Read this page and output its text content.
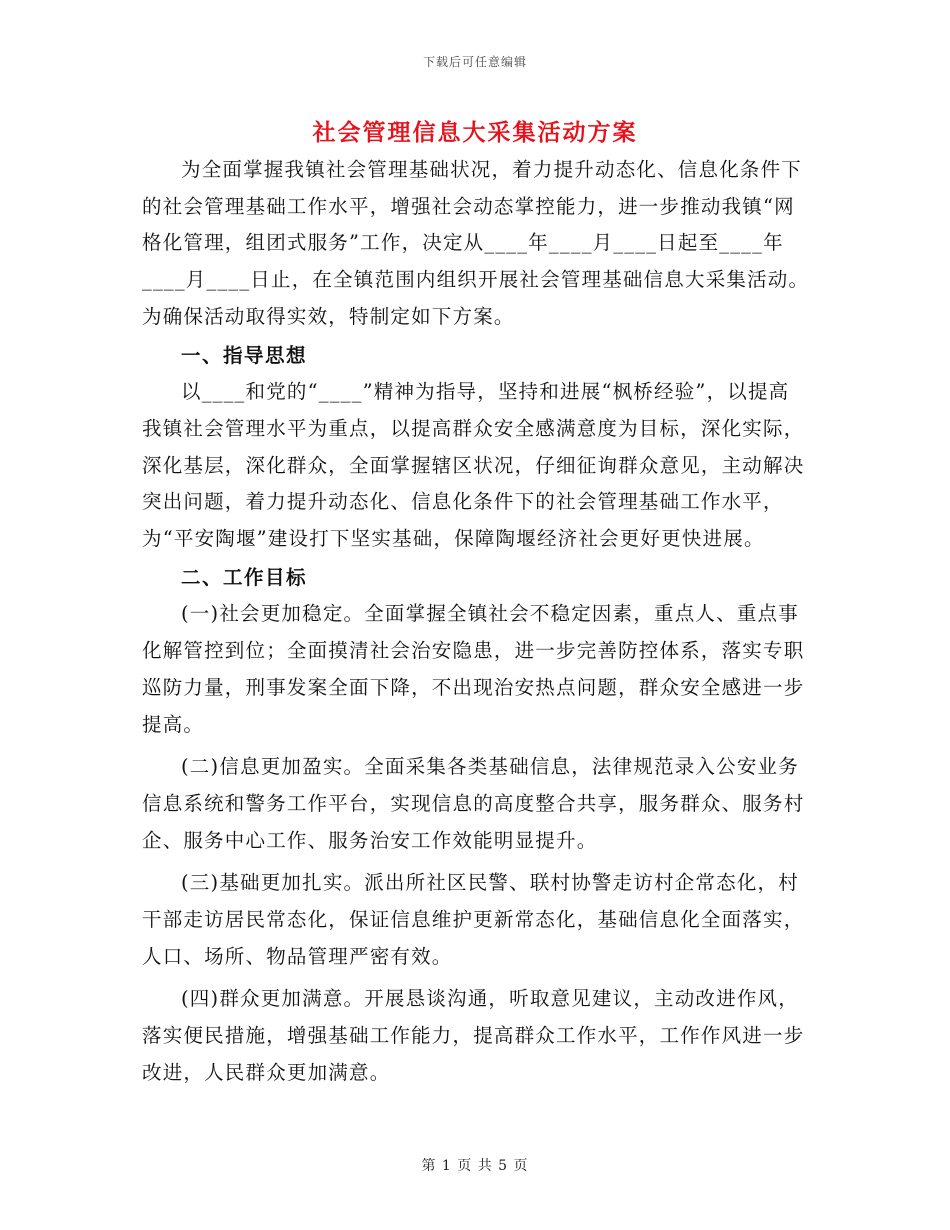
下载后可任意编辑
社会管理信息大采集活动方案

为全面掌握我镇社会管理基础状况，着力提升动态化、信息化条件下的社会管理基础工作水平，增强社会动态掌控能力，进一步推动我镇“网格化管理，组团式服务”工作，决定从____年____月____日起至____年____月____日止，在全镇范围内组织开展社会管理基础信息大采集活动。为确保活动取得实效，特制定如下方案。

一、指导思想

以____和党的“____”精神为指导，坚持和进展“枫桥经验”，以提高我镇社会管理水平为重点，以提高群众安全感满意度为目标，深化实际，深化基层，深化群众，全面掌握辖区状况，仔细征询群众意见，主动解决突出问题，着力提升动态化、信息化条件下的社会管理基础工作水平，为“平安陶堰”建设打下坚实基础，保障陶堰经济社会更好更快进展。

二、工作目标

(一)社会更加稳定。全面掌握全镇社会不稳定因素，重点人、重点事化解管控到位；全面摸清社会治安隐患，进一步完善防控体系，落实专职巡防力量，刑事发案全面下降，不出现治安热点问题，群众安全感进一步提高。

(二)信息更加盈实。全面采集各类基础信息，法律规范录入公安业务信息系统和警务工作平台，实现信息的高度整合共享，服务群众、服务村企、服务中心工作、服务治安工作效能明显提升。

(三)基础更加扎实。派出所社区民警、联村协警走访村企常态化，村干部走访居民常态化，保证信息维护更新常态化，基础信息化全面落实，人口、场所、物品管理严密有效。

(四)群众更加满意。开展恳谈沟通，听取意见建议，主动改进作风，落实便民措施，增强基础工作能力，提高群众工作水平，工作作风进一步改进，人民群众更加满意。

第 1 页 共 5 页
